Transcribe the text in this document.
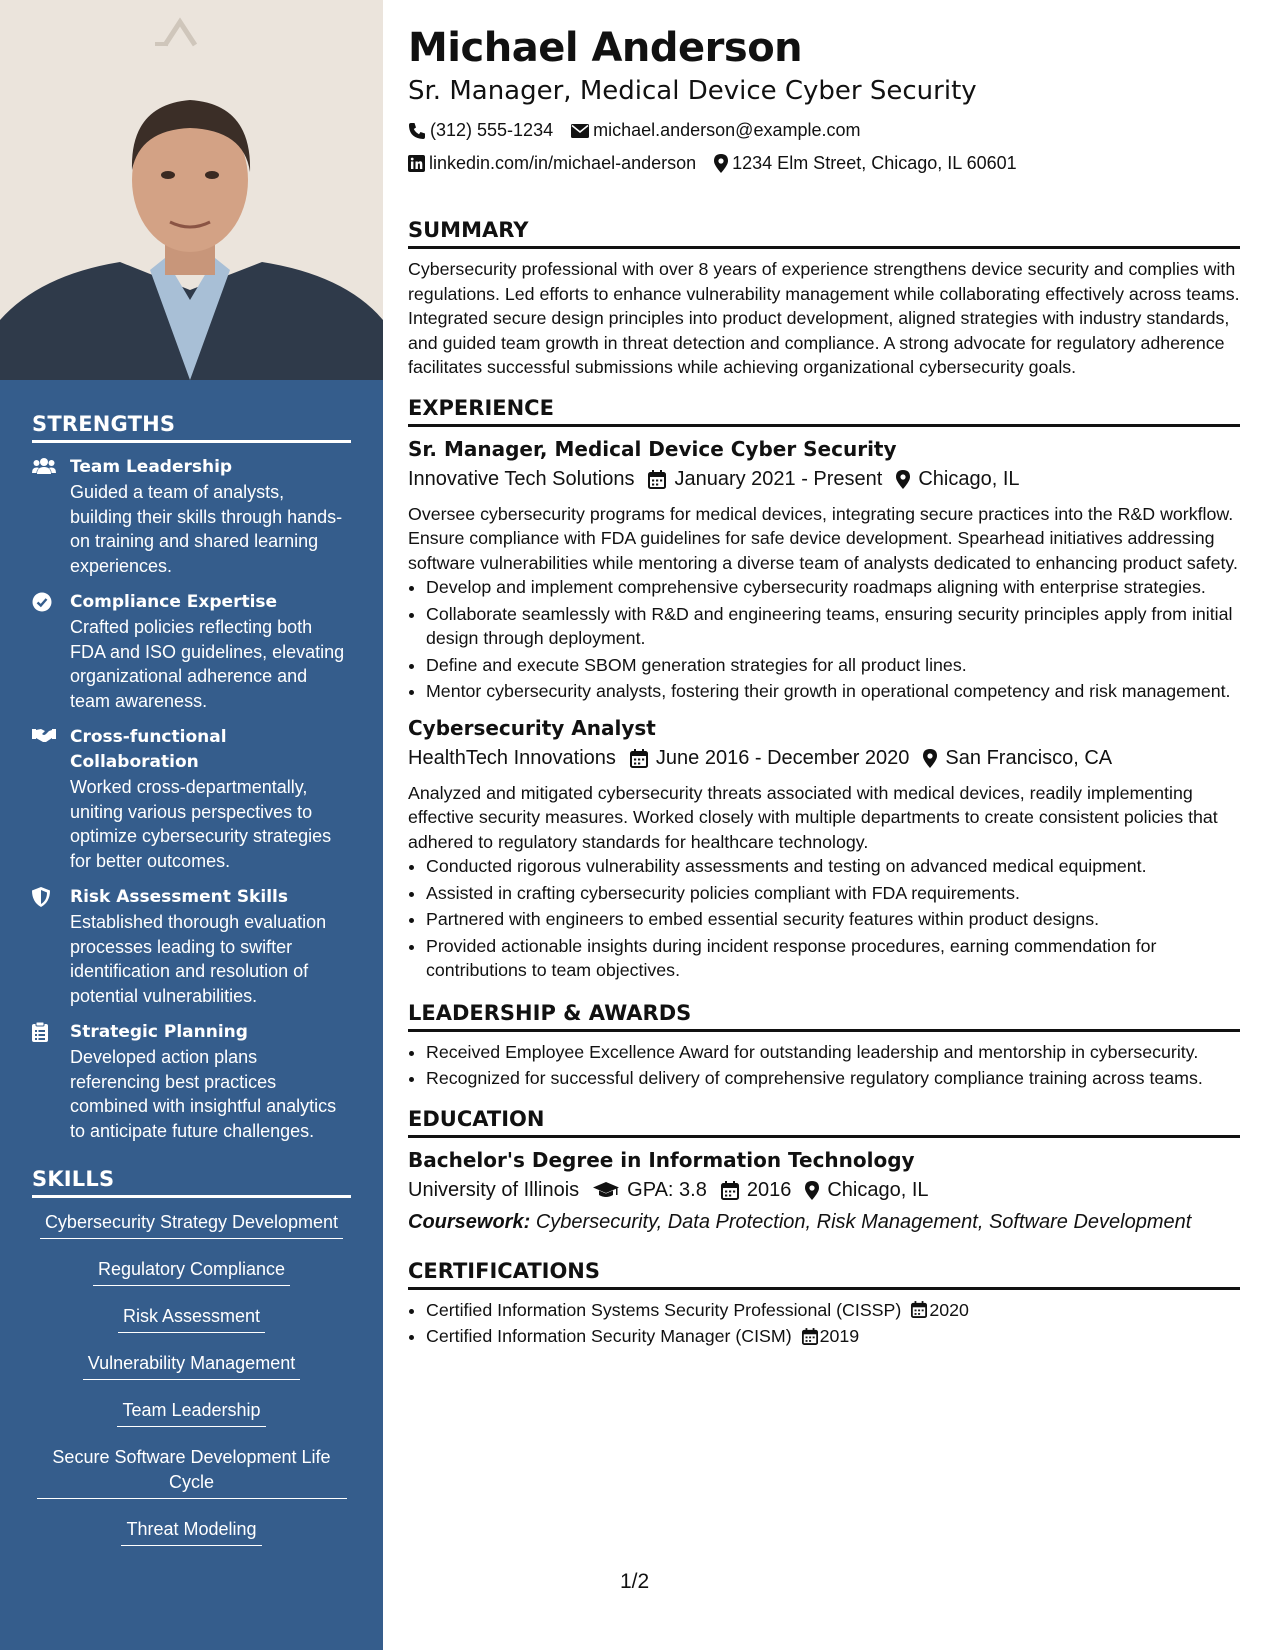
STRENGTHS
Team Leadership
Guided a team of analysts, building their skills through hands-on training and shared learning experiences.
Compliance Expertise
Crafted policies reflecting both FDA and ISO guidelines, elevating organizational adherence and team awareness.
Cross-functional Collaboration
Worked cross-departmentally, uniting various perspectives to optimize cybersecurity strategies for better outcomes.
Risk Assessment Skills
Established thorough evaluation processes leading to swifter identification and resolution of potential vulnerabilities.
Strategic Planning
Developed action plans referencing best practices combined with insightful analytics to anticipate future challenges.
SKILLS
Cybersecurity Strategy Development
Regulatory Compliance
Risk Assessment
Vulnerability Management
Team Leadership
Secure Software Development Life Cycle
Threat Modeling
Michael Anderson
Sr. Manager, Medical Device Cyber Security
(312) 555-1234 michael.anderson@example.com
linkedin.com/in/michael-anderson 1234 Elm Street, Chicago, IL 60601
SUMMARY

Cybersecurity professional with over 8 years of experience strengthens device security and complies with regulations. Led efforts to enhance vulnerability management while collaborating effectively across teams. Integrated secure design principles into product development, aligned strategies with industry standards, and guided team growth in threat detection and compliance. A strong advocate for regulatory adherence facilitates successful submissions while achieving organizational cybersecurity goals.

EXPERIENCE
Sr. Manager, Medical Device Cyber Security
Innovative Tech Solutions January 2021 - Present Chicago, IL

Oversee cybersecurity programs for medical devices, integrating secure practices into the R&D workflow. Ensure compliance with FDA guidelines for safe device development. Spearhead initiatives addressing software vulnerabilities while mentoring a diverse team of analysts dedicated to enhancing product safety.

• Develop and implement comprehensive cybersecurity roadmaps aligning with enterprise strategies.
• Collaborate seamlessly with R&D and engineering teams, ensuring security principles apply from initial design through deployment.
• Define and execute SBOM generation strategies for all product lines.
• Mentor cybersecurity analysts, fostering their growth in operational competency and risk management.
Cybersecurity Analyst
HealthTech Innovations June 2016 - December 2020 San Francisco, CA

Analyzed and mitigated cybersecurity threats associated with medical devices, readily implementing effective security measures. Worked closely with multiple departments to create consistent policies that adhered to regulatory standards for healthcare technology.

• Conducted rigorous vulnerability assessments and testing on advanced medical equipment.
• Assisted in crafting cybersecurity policies compliant with FDA requirements.
• Partnered with engineers to embed essential security features within product designs.
• Provided actionable insights during incident response procedures, earning commendation for contributions to team objectives.
LEADERSHIP & AWARDS
• Received Employee Excellence Award for outstanding leadership and mentorship in cybersecurity.
• Recognized for successful delivery of comprehensive regulatory compliance training across teams.
EDUCATION
Bachelor's Degree in Information Technology
University of Illinois GPA: 3.8 2016 Chicago, IL
Coursework: Cybersecurity, Data Protection, Risk Management, Software Development
CERTIFICATIONS
• Certified Information Systems Security Professional (CISSP) 2020
• Certified Information Security Manager (CISM) 2019
1/2
